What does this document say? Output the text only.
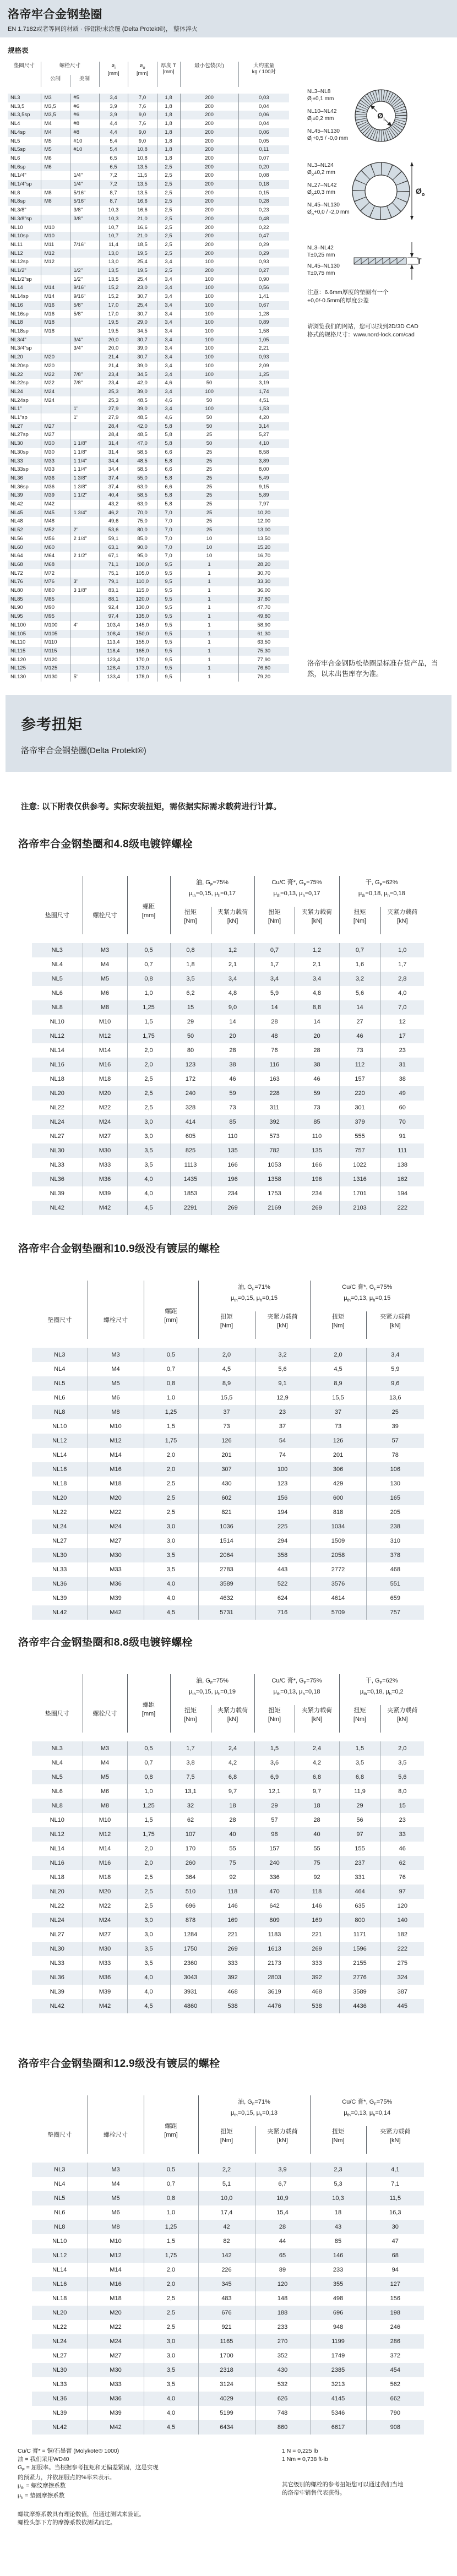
洛帝牢合金钢垫圈
EN 1.7182或者等同的材质 · 锌铝粉末涂覆 (Delta Protekt®)， 整体淬火
规格表
垫圈尺寸	螺栓尺寸		$ø_i$
[mm]	$ø_o$
[mm]	厚度 T
[mm]	最小包装(对)	大约重量
kg / 100对
	公制	美制					

NL3	M3	#5	3,4	7,0	1,8	200	0,03
NL3,5	M3,5	#6	3,9	7,6	1,8	200	0,04
NL3,5sp	M3,5	#6	3,9	9,0	1,8	200	0,06
NL4	M4	#8	4,4	7,6	1,8	200	0,04
NL4sp	M4	#8	4,4	9,0	1,8	200	0,06
NL5	M5	#10	5,4	9,0	1,8	200	0,05
NL5sp	M5	#10	5,4	10,8	1,8	200	0,11
NL6	M6		6,5	10,8	1,8	200	0,07
NL6sp	M6		6,5	13,5	2,5	200	0,20
NL1/4"		1/4"	7,2	11,5	2,5	200	0,08
NL1/4"sp		1/4"	7,2	13,5	2,5	200	0,18
NL8	M8	5/16"	8,7	13,5	2,5	200	0,15
NL8sp	M8	5/16"	8,7	16,6	2,5	200	0,28
NL3/8"		3/8"	10,3	16,6	2,5	200	0,23
NL3/8"sp		3/8"	10,3	21,0	2,5	200	0,48
NL10	M10		10,7	16,6	2,5	200	0,22
NL10sp	M10		10,7	21,0	2,5	200	0,47
NL11	M11	7/16"	11,4	18,5	2,5	200	0,29
NL12	M12		13,0	19,5	2,5	200	0,29
NL12sp	M12		13,0	25,4	3,4	100	0,93
NL1/2"		1/2"	13,5	19,5	2,5	200	0,27
NL1/2"sp		1/2"	13,5	25,4	3,4	100	0,90
NL14	M14	9/16"	15,2	23,0	3,4	100	0,56
NL14sp	M14	9/16"	15,2	30,7	3,4	100	1,41
NL16	M16	5/8"	17,0	25,4	3,4	100	0,67
NL16sp	M16	5/8"	17,0	30,7	3,4	100	1,28
NL18	M18		19,5	29,0	3,4	100	0,89
NL18sp	M18		19,5	34,5	3,4	100	1,58
NL3/4"		3/4"	20,0	30,7	3,4	100	1,05
NL3/4"sp		3/4"	20,0	39,0	3,4	100	2,21
NL20	M20		21,4	30,7	3,4	100	0,93
NL20sp	M20		21,4	39,0	3,4	100	2,09
NL22	M22	7/8"	23,4	34,5	3,4	100	1,25
NL22sp	M22	7/8"	23,4	42,0	4,6	50	3,19
NL24	M24		25,3	39,0	3,4	100	1,74
NL24sp	M24		25,3	48,5	4,6	50	4,51
NL1"		1"	27,9	39,0	3,4	100	1,53
NL1"sp		1"	27,9	48,5	4,6	50	4,20
NL27	M27		28,4	42,0	5,8	50	3,14
NL27sp	M27		28,4	48,5	5,8	25	5,27
NL30	M30	1 1/8"	31,4	47,0	5,8	50	4,10
NL30sp	M30	1 1/8"	31,4	58,5	6,6	25	8,58
NL33	M33	1 1/4"	34,4	48,5	5,8	25	3,89
NL33sp	M33	1 1/4"	34,4	58,5	6,6	25	8,00
NL36	M36	1 3/8"	37,4	55,0	5,8	25	5,49
NL36sp	M36	1 3/8"	37,4	63,0	6,6	25	9,15
NL39	M39	1 1/2"	40,4	58,5	5,8	25	5,89
NL42	M42		43,2	63,0	5,8	25	7,97
NL45	M45	1 3/4"	46,2	70,0	7,0	25	10,20
NL48	M48		49,6	75,0	7,0	25	12,00
NL52	M52	2"	53,6	80,0	7,0	25	13,00
NL56	M56	2 1/4"	59,1	85,0	7,0	10	13,50
NL60	M60		63,1	90,0	7,0	10	15,20
NL64	M64	2 1/2"	67,1	95,0	7,0	10	16,70
NL68	M68		71,1	100,0	9,5	1	28,20
NL72	M72		75,1	105,0	9,5	1	30,70
NL76	M76	3"	79,1	110,0	9,5	1	33,30
NL80	M80	3 1/8"	83,1	115,0	9,5	1	36,00
NL85	M85		88,1	120,0	9,5	1	37,80
NL90	M90		92,4	130,0	9,5	1	47,70
NL95	M95		97,4	135,0	9,5	1	49,80
NL100	M100	4"	103,4	145,0	9,5	1	58,90
NL105	M105		108,4	150,0	9,5	1	61,30
NL110	M110		113,4	155,0	9,5	1	63,50
NL115	M115		118,4	165,0	9,5	1	75,30
NL120	M120		123,4	170,0	9,5	1	77,90
NL125	M125		128,4	173,0	9,5	1	76,60
NL130	M130	5"	133,4	178,0	9,5	1	79,20
NL3–NL8
$Ø_i\pm 0,1$ mm
NL10–NL42
$Ø_i\pm 0,2$ mm
NL45–NL130
$Ø_i+0,5 / -0,0$ mm
$Ø_i$
NL3–NL24
$Ø_o\pm 0,2$ mm
NL27–NL42
$Ø_o\pm 0,3$ mm
NL45–NL130
$Ø_o+0,0 / -2,0$ mm
$Ø_o$
NL3–NL42
T±0,25 mm
NL45–NL130
T±0,75 mm
T
注意：6.6mm厚度的垫圈有一个
+0,0/-0.5mm的厚度公差
请浏览我们的网站，您可以找到2D/3D CAD
格式的规格尺寸：www.nord-lock.com/cad
洛帝牢合金钢防松垫圈是标准存货产品，当
然，以未出售库存为准。
参考扭矩
洛帝牢合金钢垫圈(Delta Protekt®)
注意: 以下附表仅供参考。实际安装扭矩，需依据实际需求载荷进行计算。
洛帝牢合金钢垫圈和4.8级电镀锌螺栓
垫圈尺寸	螺栓尺寸	螺距
[mm]	油, $G_F=75\%$
$\mu_{th}=0,15$, $\mu_h=0,17$		Cu/C 膏*, $G_F=75\%$
$\mu_{th}=0,13$, $\mu_h=0,17$		干, $G_F=62\%$
$\mu_{th}=0,18$, $\mu_h=0,18$	
			扭矩
[Nm]	夹紧力载荷
[kN]	扭矩
[Nm]	夹紧力载荷
[kN]	扭矩
[Nm]	夹紧力载荷
[kN]

NL3	M3	0,5	0,8	1,2	0,7	1,2	0,7	1,0
NL4	M4	0,7	1,8	2,1	1,7	2,1	1,6	1,7
NL5	M5	0,8	3,5	3,4	3,4	3,4	3,2	2,8
NL6	M6	1,0	6,2	4,8	5,9	4,8	5,6	4,0
NL8	M8	1,25	15	9,0	14	8,8	14	7,0
NL10	M10	1,5	29	14	28	14	27	12
NL12	M12	1,75	50	20	48	20	46	17
NL14	M14	2,0	80	28	76	28	73	23
NL16	M16	2,0	123	38	116	38	112	31
NL18	M18	2,5	172	46	163	46	157	38
NL20	M20	2,5	240	59	228	59	220	49
NL22	M22	2,5	328	73	311	73	301	60
NL24	M24	3,0	414	85	392	85	379	70
NL27	M27	3,0	605	110	573	110	555	91
NL30	M30	3,5	825	135	782	135	757	111
NL33	M33	3,5	1113	166	1053	166	1022	138
NL36	M36	4,0	1435	196	1358	196	1316	162
NL39	M39	4,0	1853	234	1753	234	1701	194
NL42	M42	4,5	2291	269	2169	269	2103	222
洛帝牢合金钢垫圈和10.9级没有镀层的螺栓
垫圈尺寸	螺栓尺寸	螺距
[mm]	油, $G_F=71\%$
$\mu_{th}=0,15$, $\mu_h=0,15$		Cu/C 膏*, $G_F=75\%$
$\mu_{th}=0,13$, $\mu_h=0,15$	
			扭矩
[Nm]	夹紧力载荷
[kN]	扭矩
[Nm]	夹紧力载荷
[kN]

NL3	M3	0,5	2,0	3,2	2,0	3,4
NL4	M4	0,7	4,5	5,6	4,5	5,9
NL5	M5	0,8	8,9	9,1	8,9	9,6
NL6	M6	1,0	15,5	12,9	15,5	13,6
NL8	M8	1,25	37	23	37	25
NL10	M10	1,5	73	37	73	39
NL12	M12	1,75	126	54	126	57
NL14	M14	2,0	201	74	201	78
NL16	M16	2,0	307	100	306	106
NL18	M18	2,5	430	123	429	130
NL20	M20	2,5	602	156	600	165
NL22	M22	2,5	821	194	818	205
NL24	M24	3,0	1036	225	1034	238
NL27	M27	3,0	1514	294	1509	310
NL30	M30	3,5	2064	358	2058	378
NL33	M33	3,5	2783	443	2772	468
NL36	M36	4,0	3589	522	3576	551
NL39	M39	4,0	4632	624	4614	659
NL42	M42	4,5	5731	716	5709	757
洛帝牢合金钢垫圈和8.8级电镀锌螺栓
垫圈尺寸	螺栓尺寸	螺距
[mm]	油, $G_F=75\%$
$\mu_{th}=0,15$, $\mu_h=0,19$		Cu/C 膏*, $G_F=75\%$
$\mu_{th}=0,13$, $\mu_h=0,18$		干, $G_F=62\%$
$\mu_{th}=0,18$, $\mu_h=0,2$	
			扭矩
[Nm]	夹紧力载荷
[kN]	扭矩
[Nm]	夹紧力载荷
[kN]	扭矩
[Nm]	夹紧力载荷
[kN]

NL3	M3	0,5	1,7	2,4	1,5	2,4	1,5	2,0
NL4	M4	0,7	3,8	4,2	3,6	4,2	3,5	3,5
NL5	M5	0,8	7,5	6,8	6,9	6,8	6,8	5,6
NL6	M6	1,0	13,1	9,7	12,1	9,7	11,9	8,0
NL8	M8	1,25	32	18	29	18	29	15
NL10	M10	1,5	62	28	57	28	56	23
NL12	M12	1,75	107	40	98	40	97	33
NL14	M14	2,0	170	55	157	55	155	46
NL16	M16	2,0	260	75	240	75	237	62
NL18	M18	2,5	364	92	336	92	331	76
NL20	M20	2,5	510	118	470	118	464	97
NL22	M22	2,5	696	146	642	146	635	120
NL24	M24	3,0	878	169	809	169	800	140
NL27	M27	3,0	1284	221	1183	221	1171	182
NL30	M30	3,5	1750	269	1613	269	1596	222
NL33	M33	3,5	2360	333	2173	333	2155	275
NL36	M36	4,0	3043	392	2803	392	2776	324
NL39	M39	4,0	3931	468	3619	468	3589	387
NL42	M42	4,5	4860	538	4476	538	4436	445
洛帝牢合金钢垫圈和12.9级没有镀层的螺栓
垫圈尺寸	螺栓尺寸	螺距
[mm]	油, $G_F=71\%$
$\mu_{th}=0,15$, $\mu_h=0,13$		Cu/C 膏*, $G_F=75\%$
$\mu_{th}=0,13$, $\mu_h=0,14$	
			扭矩
[Nm]	夹紧力载荷
[kN]	扭矩
[Nm]	夹紧力载荷
[kN]

NL3	M3	0,5	2,2	3,9	2,3	4,1
NL4	M4	0,7	5,1	6,7	5,3	7,1
NL5	M5	0,8	10,0	10,9	10,3	11,5
NL6	M6	1,0	17,4	15,4	18	16,3
NL8	M8	1,25	42	28	43	30
NL10	M10	1,5	82	44	85	47
NL12	M12	1,75	142	65	146	68
NL14	M14	2,0	226	89	233	94
NL16	M16	2,0	345	120	355	127
NL18	M18	2,5	483	148	498	156
NL20	M20	2,5	676	188	696	198
NL22	M22	2,5	921	233	948	246
NL24	M24	3,0	1165	270	1199	286
NL27	M27	3,0	1700	352	1749	372
NL30	M30	3,5	2318	430	2385	454
NL33	M33	3,5	3124	532	3213	562
NL36	M36	4,0	4029	626	4145	662
NL39	M39	4,0	5199	748	5346	790
NL42	M42	4,5	6434	860	6617	908
Cu/C 膏* = 铜/石墨膏 (Molykote® 1000)
油 = 我们采用WD40
$G_F$ = 屈服率。当根据参考扭矩和无偏差紧固，这是实现
的预紧力，并依屈服点的%率来表示。
$\mu_{th}$ = 螺纹摩擦系数
$\mu_h$ = 垫圈摩擦系数
螺纹摩擦系数具有理论数值，但通过测试来验证。
螺栓头部下方的摩擦系数依测试而定。
1 N = 0,225 lb
1 Nm = 0,738 ft-lb
其它级别的螺栓的参考扭矩您可以通过我们当地
的洛帝牢销售代表获得。
